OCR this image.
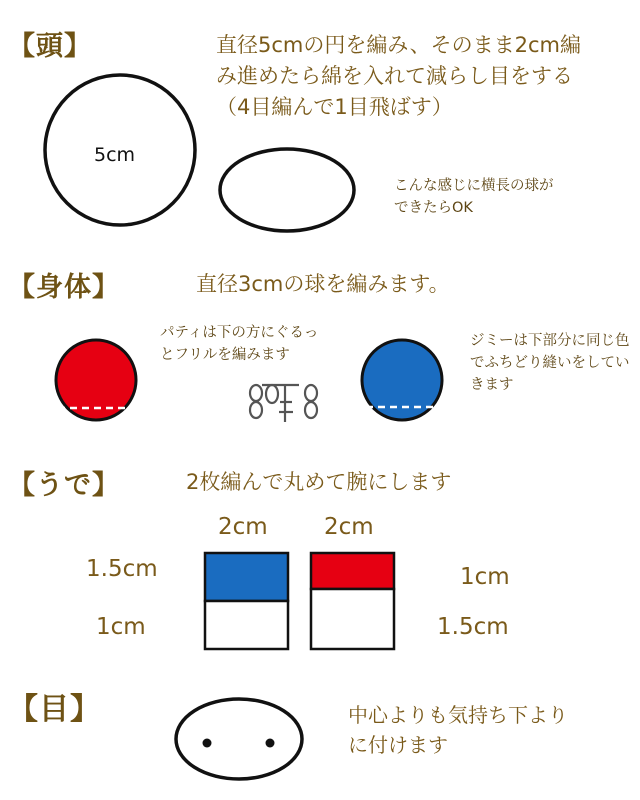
【頭】	直径5cmの円を編み、そのまま2cm編み進めたら綿を入れて減らし目をする（4目編んで1目飛ばす）
5cm
こんな感じに横長の球ができたらOK
【身体】	直径3cmの球を編みます。
パティは下の方にぐるっとフリルを編みます
ジミーは下部分に同じ色でふちどり縫いをしていきます
【うで】	2枚編んで丸めて腕にします
2cm 2cm
1.5cm
1cm
1cm
1.5cm
【目】	中心よりも気持ち下よりに付けます
